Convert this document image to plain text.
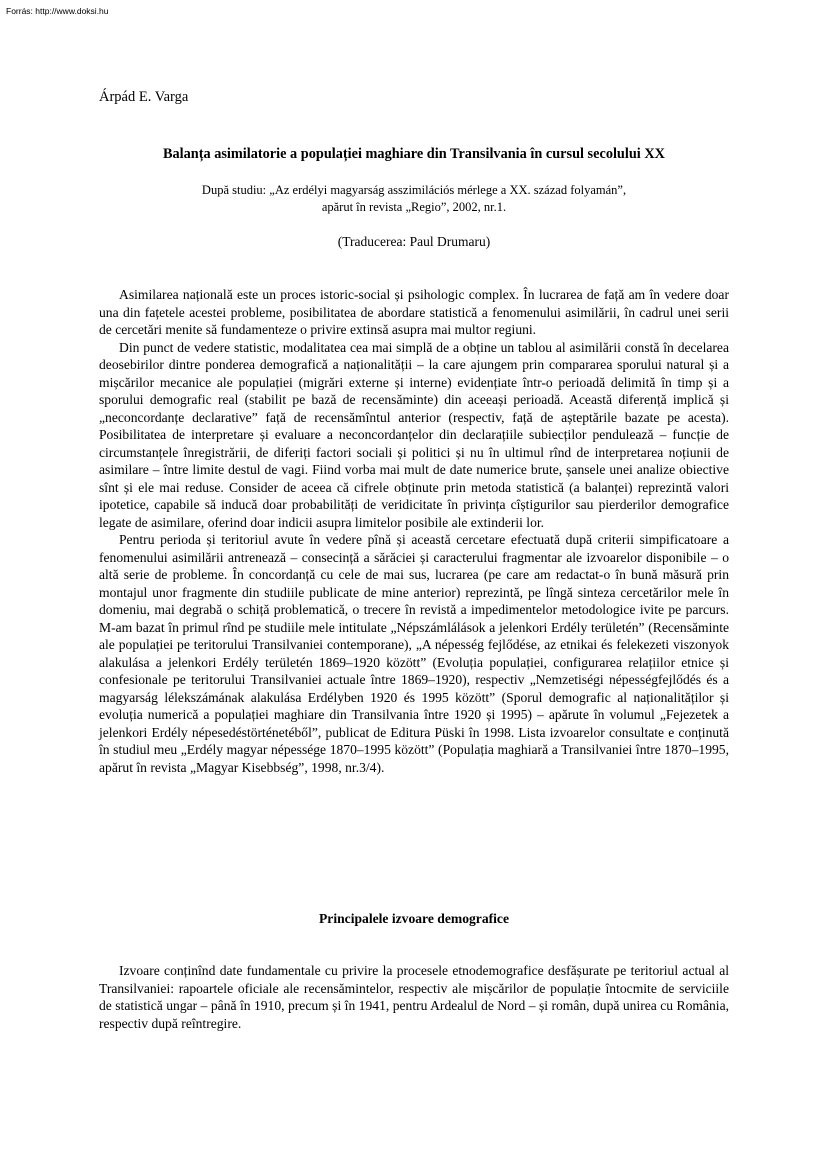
Forrás: http://www.doksi.hu
Árpád E. Varga
Balanța asimilatorie a populației maghiare din Transilvania în cursul secolului XX
După studiu: „Az erdélyi magyarság asszimilációs mérlege a XX. század folyamán”,
apărut în revista „Regio”, 2002, nr.1.
(Traducerea: Paul Drumaru)

Asimilarea națională este un proces istoric-social și psihologic complex. În lucrarea de față am în vedere doar una din fațetele acestei probleme, posibilitatea de abordare statistică a fenomenului asimilării, în cadrul unei serii de cercetări menite să fundamenteze o privire extinsă asupra mai multor regiuni.

Din punct de vedere statistic, modalitatea cea mai simplă de a obține un tablou al asimilării constă în decelarea deosebirilor dintre ponderea demografică a naționalității – la care ajungem prin compararea sporului natural și a mișcărilor mecanice ale populației (migrări externe și interne) evidențiate într-o perioadă delimită în timp și a sporului demografic real (stabilit pe bază de recensăminte) din aceeași perioadă. Această diferență implică și „neconcordanțe declarative” față de recensămîntul anterior (respectiv, față de așteptările bazate pe acesta). Posibilitatea de interpretare și evaluare a neconcordanțelor din declarațiile subiecților pendulează – funcție de circumstanțele înregistrării, de diferiți factori sociali și politici și nu în ultimul rînd de interpretarea noțiunii de asimilare – între limite destul de vagi. Fiind vorba mai mult de date numerice brute, șansele unei analize obiective sînt și ele mai reduse. Consider de aceea că cifrele obținute prin metoda statistică (a balanței) reprezintă valori ipotetice, capabile să inducă doar probabilități de veridicitate în privința cîștigurilor sau pierderilor demografice legate de asimilare, oferind doar indicii asupra limitelor posibile ale extinderii lor.

Pentru perioda și teritoriul avute în vedere pînă și această cercetare efectuată după criterii simpificatoare a fenomenului asimilării antrenează – consecință a sărăciei și caracterului fragmentar ale izvoarelor disponibile – o altă serie de probleme. În concordanță cu cele de mai sus, lucrarea (pe care am redactat-o în bună măsură prin montajul unor fragmente din studiile publicate de mine anterior) reprezintă, pe lîngă sinteza cercetărilor mele în domeniu, mai degrabă o schiță problematică, o trecere în revistă a impedimentelor metodologice ivite pe parcurs. M-am bazat în primul rînd pe studiile mele intitulate „Népszámlálások a jelenkori Erdély területén” (Recensăminte ale populației pe teritorului Transilvaniei contemporane), „A népesség fejlődése, az etnikai és felekezeti viszonyok alakulása a jelenkori Erdély területén 1869–1920 között” (Evoluția populației, configurarea relațiilor etnice și confesionale pe teritorului Transilvaniei actuale între 1869–1920), respectiv „Nemzetiségi népességfejlődés és a magyarság lélekszámának alakulása Erdélyben 1920 és 1995 között” (Sporul demografic al naționalităților și evoluția numerică a populației maghiare din Transilvania între 1920 și 1995) – apărute în volumul „Fejezetek a jelenkori Erdély népesedéstörténetéből”, publicat de Editura Püski în 1998. Lista izvoarelor consultate e conținută în studiul meu „Erdély magyar népessége 1870–1995 között” (Populația maghiară a Transilvaniei între 1870–1995, apărut în revista „Magyar Kisebbség”, 1998, nr.3/4).

Principalele izvoare demografice

Izvoare conținînd date fundamentale cu privire la procesele etnodemografice desfășurate pe teritoriul actual al Transilvaniei: rapoartele oficiale ale recensămintelor, respectiv ale mișcărilor de populație întocmite de serviciile de statistică ungar – până în 1910, precum și în 1941, pentru Ardealul de Nord – și român, după unirea cu România, respectiv după reîntregire.
